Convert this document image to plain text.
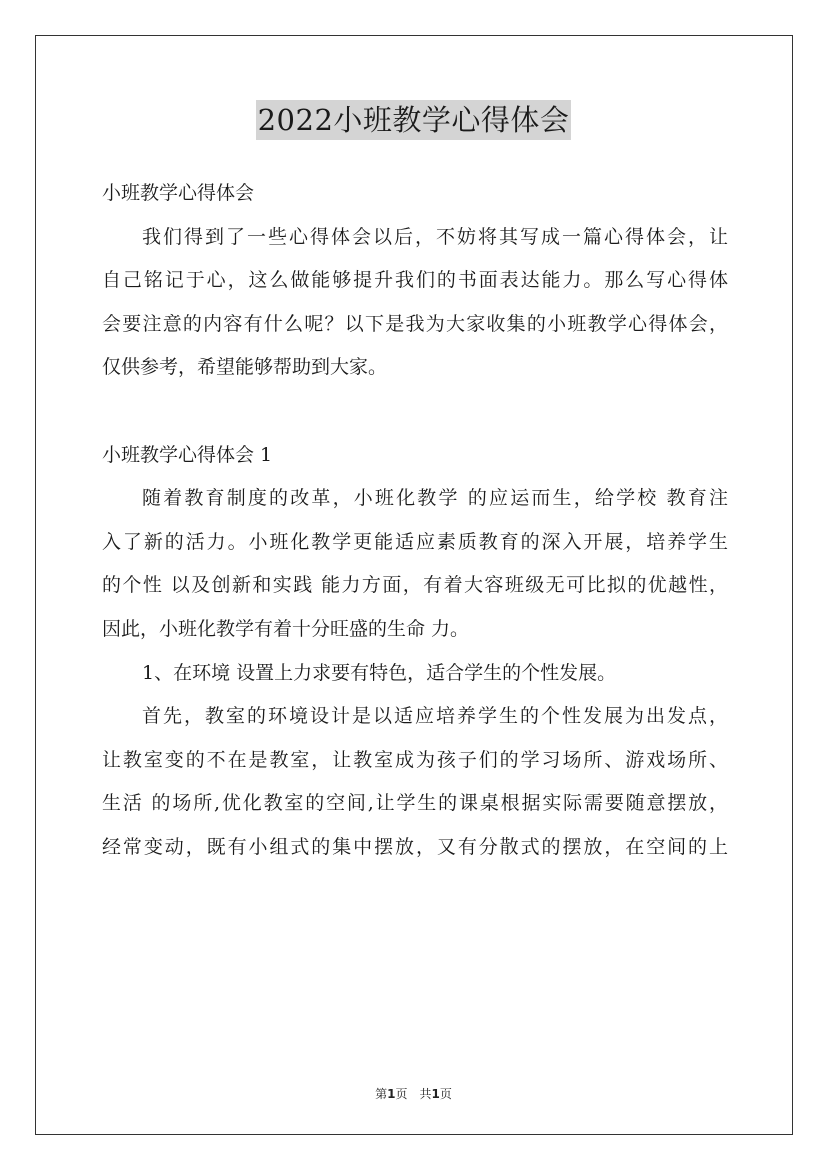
2022小班教学心得体会
小班教学心得体会
我们得到了一些心得体会以后，不妨将其写成一篇心得体会，让
自己铭记于心，这么做能够提升我们的书面表达能力。那么写心得体
会要注意的内容有什么呢？以下是我为大家收集的小班教学心得体会，
仅供参考，希望能够帮助到大家。
小班教学心得体会 1
随着教育制度的改革，小班化教学 的应运而生，给学校 教育注
入了新的活力。小班化教学更能适应素质教育的深入开展，培养学生
的个性 以及创新和实践 能力方面，有着大容班级无可比拟的优越性，
因此，小班化教学有着十分旺盛的生命 力。
1、在环境 设置上力求要有特色，适合学生的个性发展。
首先，教室的环境设计是以适应培养学生的个性发展为出发点，
让教室变的不在是教室，让教室成为孩子们的学习场所、游戏场所、
生活 的场所,优化教室的空间,让学生的课桌根据实际需要随意摆放，
经常变动，既有小组式的集中摆放，又有分散式的摆放，在空间的上
第1页 共1页
